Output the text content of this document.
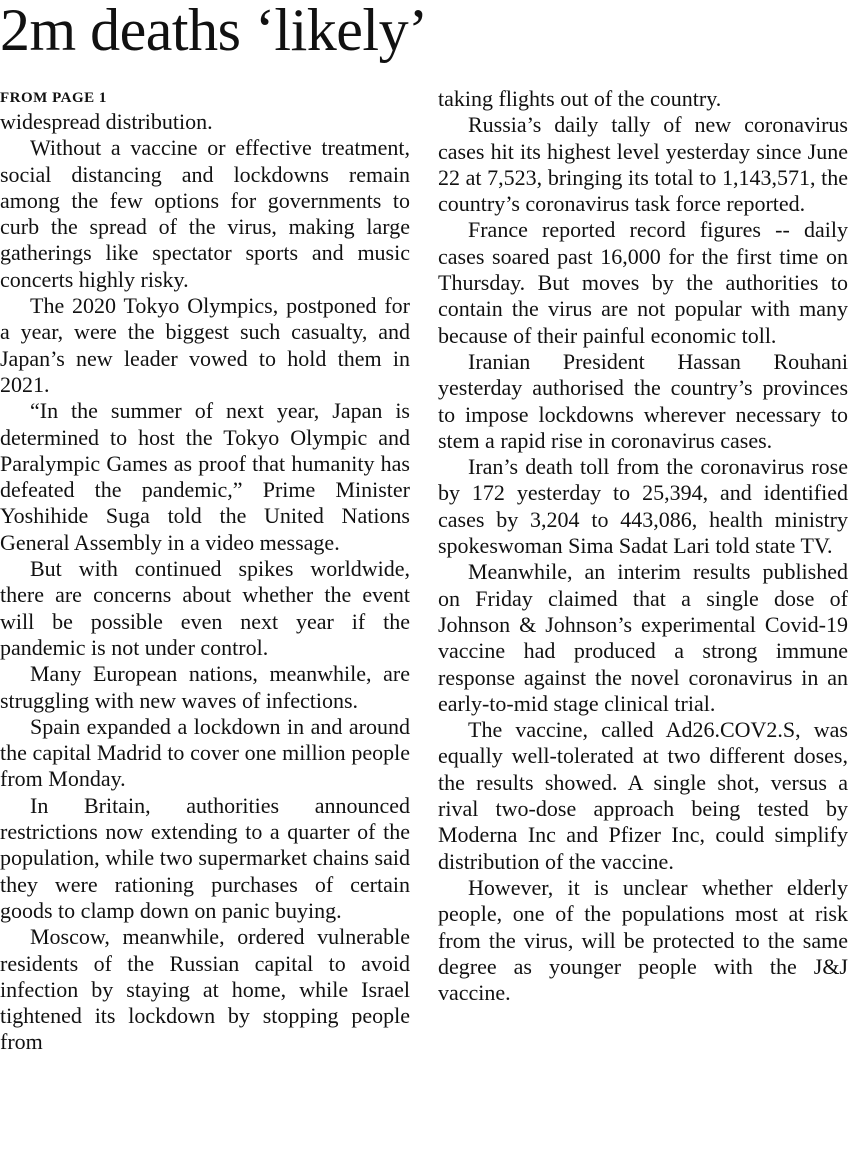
2m deaths ‘likely’
FROM PAGE 1

widespread distribution.

Without a vaccine or effective treatment, social distancing and lockdowns remain among the few options for governments to curb the spread of the virus, making large gatherings like spectator sports and music concerts highly risky.

The 2020 Tokyo Olympics, postponed for a year, were the biggest such casualty, and Japan’s new leader vowed to hold them in 2021.

“In the summer of next year, Japan is determined to host the Tokyo Olympic and Paralympic Games as proof that humanity has defeated the pandemic,” Prime Minister Yoshihide Suga told the United Nations General Assembly in a video message.

But with continued spikes worldwide, there are concerns about whether the event will be possible even next year if the pandemic is not under control.

Many European nations, meanwhile, are struggling with new waves of infections.

Spain expanded a lockdown in and around the capital Madrid to cover one million people from Monday.

In Britain, authorities announced restrictions now extending to a quarter of the population, while two supermarket chains said they were rationing purchases of certain goods to clamp down on panic buying.

Moscow, meanwhile, ordered vulnerable residents of the Russian capital to avoid infection by staying at home, while Israel tightened its lockdown by stopping people from

taking flights out of the country.

Russia’s daily tally of new coronavirus cases hit its highest level yesterday since June 22 at 7,523, bringing its total to 1,143,571, the country’s coronavirus task force reported.

France reported record figures -- daily cases soared past 16,000 for the first time on Thursday. But moves by the authorities to contain the virus are not popular with many because of their painful economic toll.

Iranian President Hassan Rouhani yesterday authorised the country’s provinces to impose lockdowns wherever necessary to stem a rapid rise in coronavirus cases.

Iran’s death toll from the coronavirus rose by 172 yesterday to 25,394, and identified cases by 3,204 to 443,086, health ministry spokeswoman Sima Sadat Lari told state TV.

Meanwhile, an interim results published on Friday claimed that a single dose of Johnson & Johnson’s experimental Covid-19 vaccine had produced a strong immune response against the novel coronavirus in an early-to-mid stage clinical trial.

The vaccine, called Ad26.COV2.S, was equally well-tolerated at two different doses, the results showed. A single shot, versus a rival two-dose approach being tested by Moderna Inc and Pfizer Inc, could simplify distribution of the vaccine.

However, it is unclear whether elderly people, one of the populations most at risk from the virus, will be protected to the same degree as younger people with the J&J vaccine.
